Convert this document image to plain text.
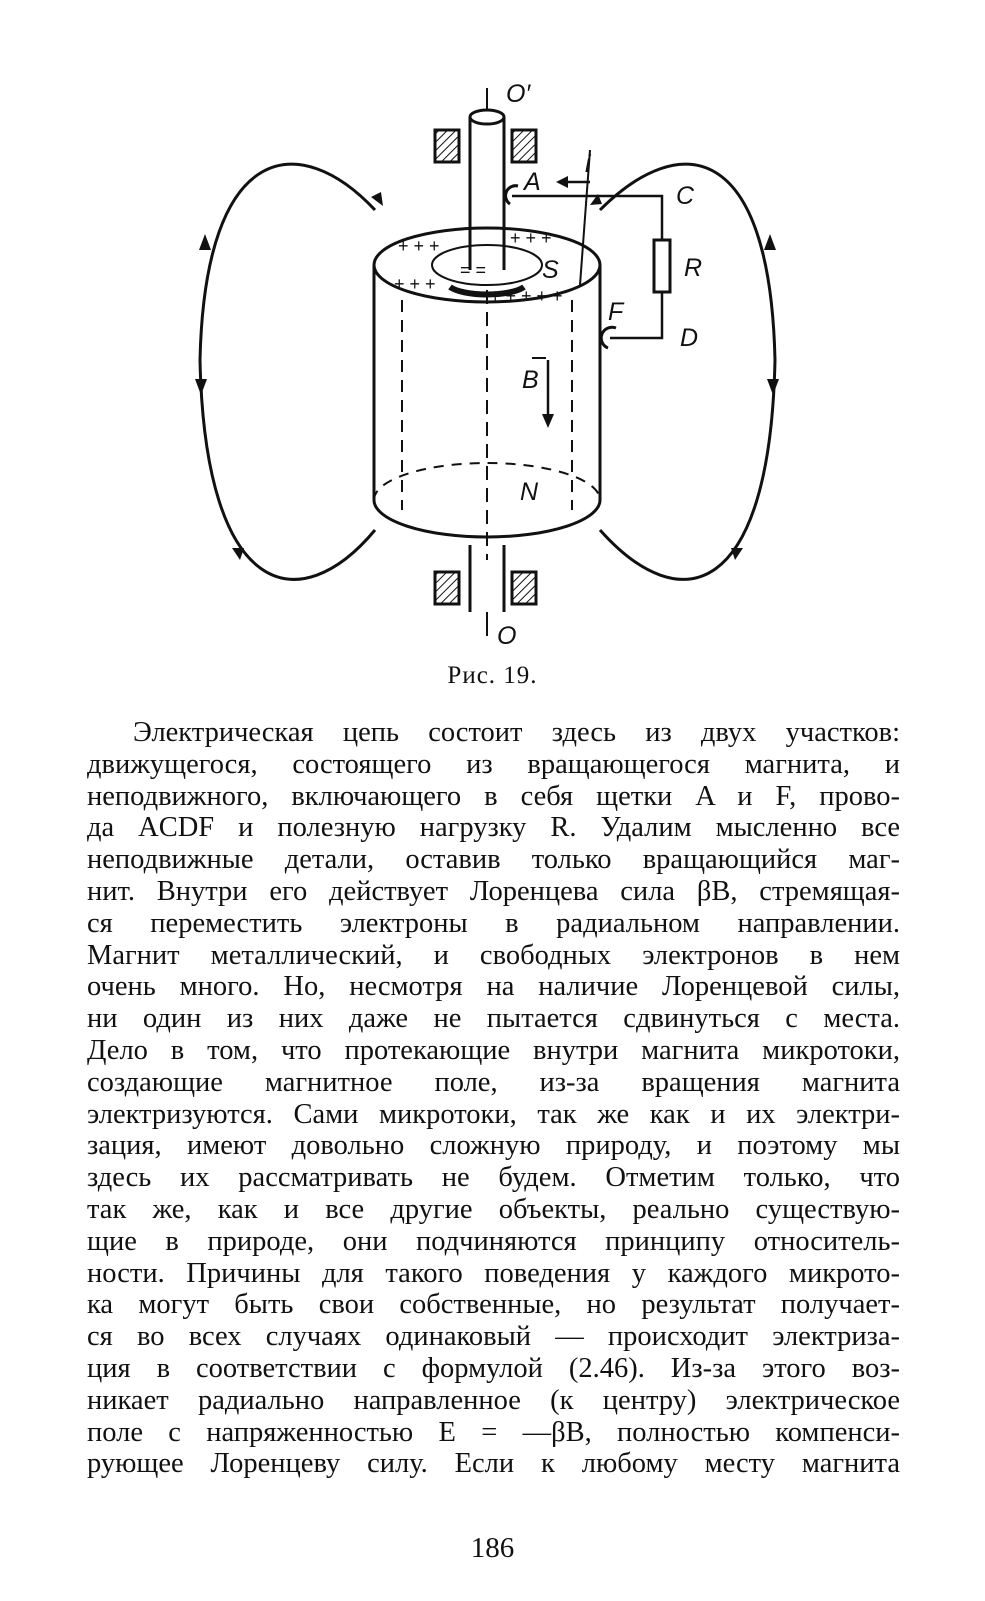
O′
i
A	C
R
S
F
D
B
N
O
+ + +	+ + +
+ + +
+ + + + +
= =
Рис. 19.
Электрическая цепь состоит здесь из двух участков:
движущегося, состоящего из вращающегося магнита, и
неподвижного, включающего в себя щетки A и F, прово-
да ACDF и полезную нагрузку R. Удалим мысленно все
неподвижные детали, оставив только вращающийся маг-
нит. Внутри его действует Лоренцева сила βB, стремящая-
ся переместить электроны в радиальном направлении.
Магнит металлический, и свободных электронов в нем
очень много. Но, несмотря на наличие Лоренцевой силы,
ни один из них даже не пытается сдвинуться с места.
Дело в том, что протекающие внутри магнита микротоки,
создающие магнитное поле, из-за вращения магнита
электризуются. Сами микротоки, так же как и их электри-
зация, имеют довольно сложную природу, и поэтому мы
здесь их рассматривать не будем. Отметим только, что
так же, как и все другие объекты, реально существую-
щие в природе, они подчиняются принципу относитель-
ности. Причины для такого поведения у каждого микрото-
ка могут быть свои собственные, но результат получает-
ся во всех случаях одинаковый — происходит электриза-
ция в соответствии с формулой (2.46). Из-за этого воз-
никает радиально направленное (к центру) электрическое
поле с напряженностью E = —βB, полностью компенси-
рующее Лоренцеву силу. Если к любому месту магнита
186
